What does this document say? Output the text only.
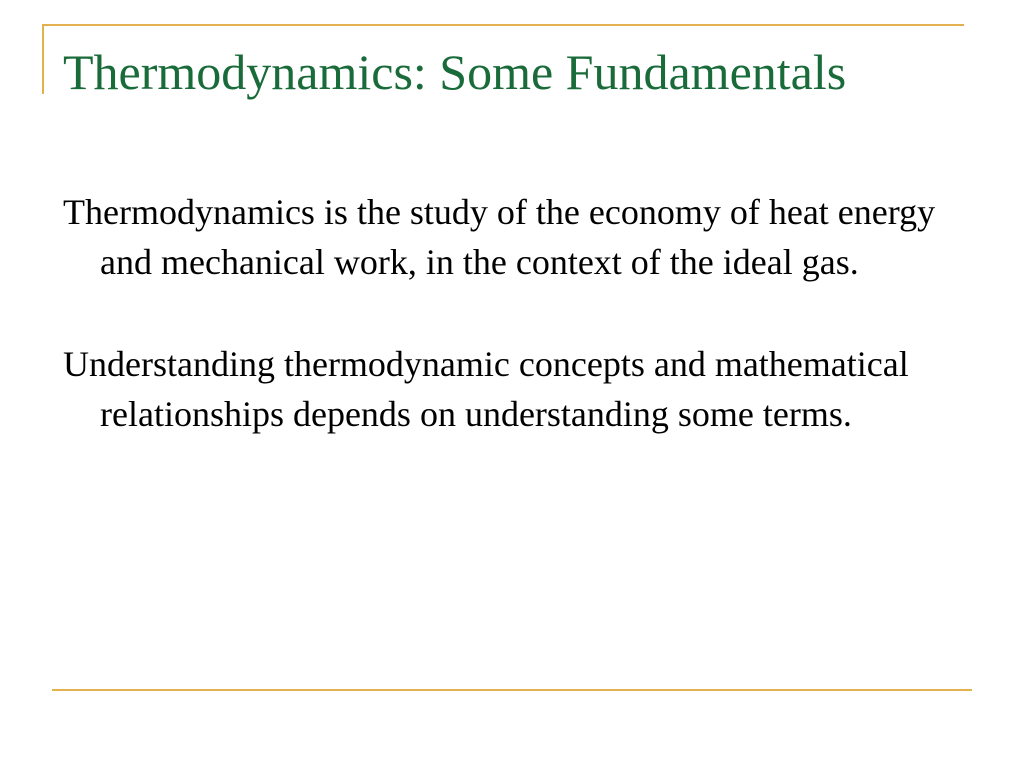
Thermodynamics: Some Fundamentals

Thermodynamics is the study of the economy of heat energy and mechanical work, in the context of the ideal gas.

Understanding thermodynamic concepts and mathematical relationships depends on understanding some terms.
